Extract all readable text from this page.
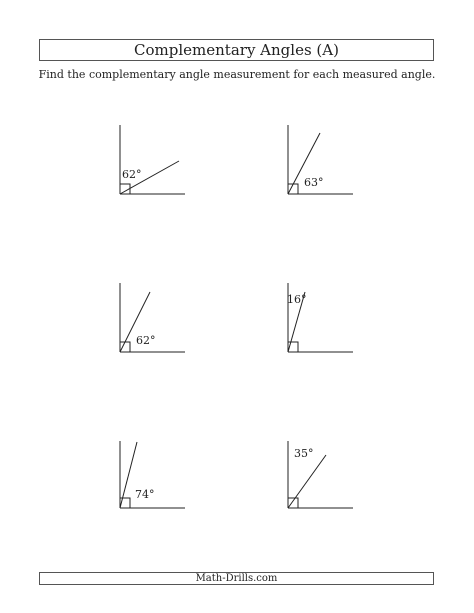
Complementary Angles (A)
Find the complementary angle measurement for each measured angle.
62°
63°
62°
16°
74°
35°
Math-Drills.com
